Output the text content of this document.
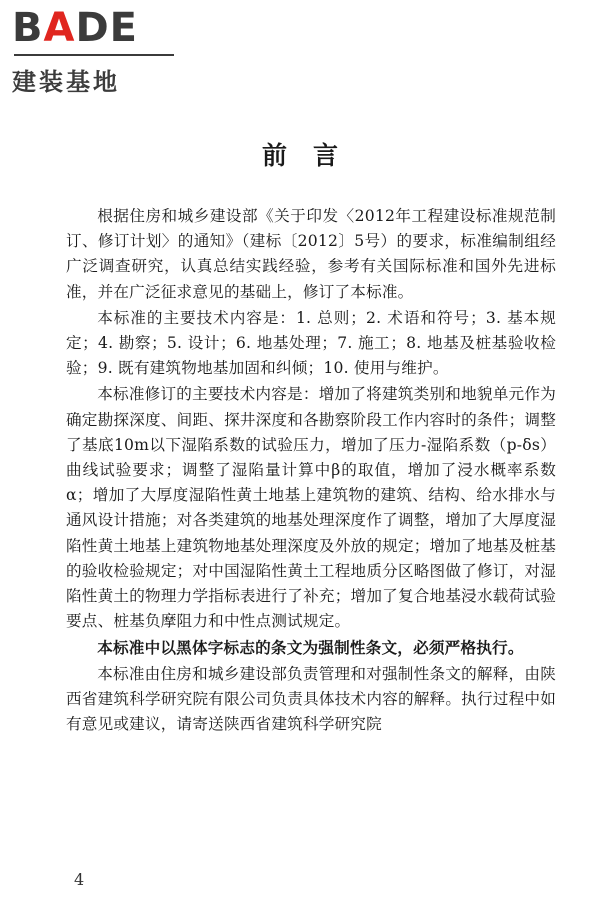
BADE
建装基地
前言

根据住房和城乡建设部《关于印发〈2012年工程建设标准规范制订、修订计划〉的通知》（建标〔2012〕5号）的要求，标准编制组经广泛调查研究，认真总结实践经验，参考有关国际标准和国外先进标准，并在广泛征求意见的基础上，修订了本标准。

本标准的主要技术内容是：1. 总则；2. 术语和符号；3. 基本规定；4. 勘察；5. 设计；6. 地基处理；7. 施工；8. 地基及桩基验收检验；9. 既有建筑物地基加固和纠倾；10. 使用与维护。

本标准修订的主要技术内容是：增加了将建筑类别和地貌单元作为确定勘探深度、间距、探井深度和各勘察阶段工作内容时的条件；调整了基底10m以下湿陷系数的试验压力，增加了压力-湿陷系数（p-δs）曲线试验要求；调整了湿陷量计算中β的取值，增加了浸水概率系数α；增加了大厚度湿陷性黄土地基上建筑物的建筑、结构、给水排水与通风设计措施；对各类建筑的地基处理深度作了调整，增加了大厚度湿陷性黄土地基上建筑物地基处理深度及外放的规定；增加了地基及桩基的验收检验规定；对中国湿陷性黄土工程地质分区略图做了修订，对湿陷性黄土的物理力学指标表进行了补充；增加了复合地基浸水载荷试验要点、桩基负摩阻力和中性点测试规定。

本标准中以黑体字标志的条文为强制性条文，必须严格执行。

本标准由住房和城乡建设部负责管理和对强制性条文的解释，由陕西省建筑科学研究院有限公司负责具体技术内容的解释。执行过程中如有意见或建议，请寄送陕西省建筑科学研究院

4
